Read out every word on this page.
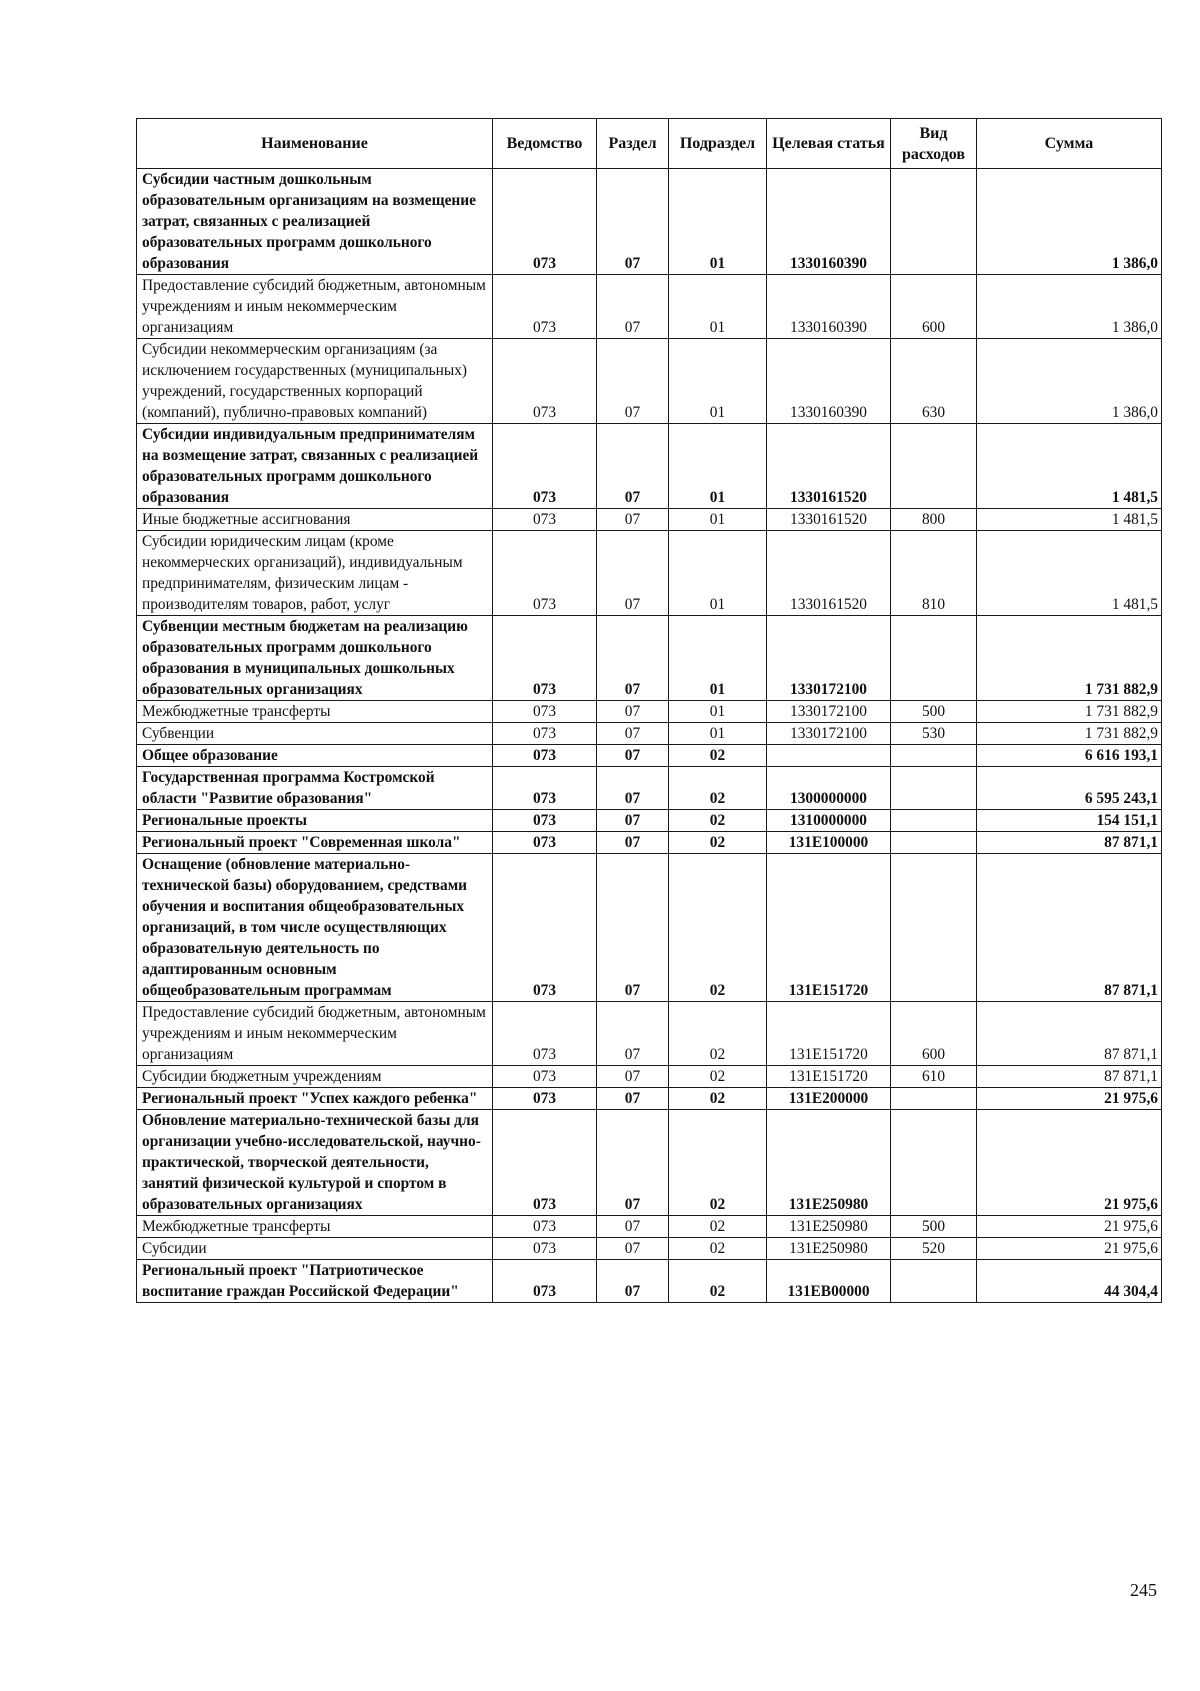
Наименование	Ведомство	Раздел	Подраздел	Целевая статья	Вид расходов	Сумма
Субсидии частным дошкольным образовательным организациям на возмещение затрат, связанных с реализацией образовательных программ дошкольного образования	073	07	01	1330160390		1 386,0
Предоставление субсидий бюджетным, автономным учреждениям и иным некоммерческим организациям	073	07	01	1330160390	600	1 386,0
Субсидии некоммерческим организациям (за исключением государственных (муниципальных) учреждений, государственных корпораций (компаний), публично-правовых компаний)	073	07	01	1330160390	630	1 386,0
Субсидии индивидуальным предпринимателям на возмещение затрат, связанных с реализацией образовательных программ дошкольного образования	073	07	01	1330161520		1 481,5
Иные бюджетные ассигнования	073	07	01	1330161520	800	1 481,5
Субсидии юридическим лицам (кроме некоммерческих организаций), индивидуальным предпринимателям, физическим лицам - производителям товаров, работ, услуг	073	07	01	1330161520	810	1 481,5
Субвенции местным бюджетам на реализацию образовательных программ дошкольного образования в муниципальных дошкольных образовательных организациях	073	07	01	1330172100		1 731 882,9
Межбюджетные трансферты	073	07	01	1330172100	500	1 731 882,9
Субвенции	073	07	01	1330172100	530	1 731 882,9
Общее образование	073	07	02			6 616 193,1
Государственная программа Костромской области "Развитие образования"	073	07	02	1300000000		6 595 243,1
Региональные проекты	073	07	02	1310000000		154 151,1
Региональный проект "Современная школа"	073	07	02	131Е100000		87 871,1
Оснащение (обновление материально-технической базы) оборудованием, средствами обучения и воспитания общеобразовательных организаций, в том числе осуществляющих образовательную деятельность по адаптированным основным общеобразовательным программам	073	07	02	131Е151720		87 871,1
Предоставление субсидий бюджетным, автономным учреждениям и иным некоммерческим организациям	073	07	02	131Е151720	600	87 871,1
Субсидии бюджетным учреждениям	073	07	02	131Е151720	610	87 871,1
Региональный проект "Успех каждого ребенка"	073	07	02	131Е200000		21 975,6
Обновление материально-технической базы для организации учебно-исследовательской, научно-практической, творческой деятельности, занятий физической культурой и спортом в образовательных организациях	073	07	02	131Е250980		21 975,6
Межбюджетные трансферты	073	07	02	131Е250980	500	21 975,6
Субсидии	073	07	02	131Е250980	520	21 975,6
Региональный проект "Патриотическое воспитание граждан Российской Федерации"	073	07	02	131ЕВ00000		44 304,4
245
